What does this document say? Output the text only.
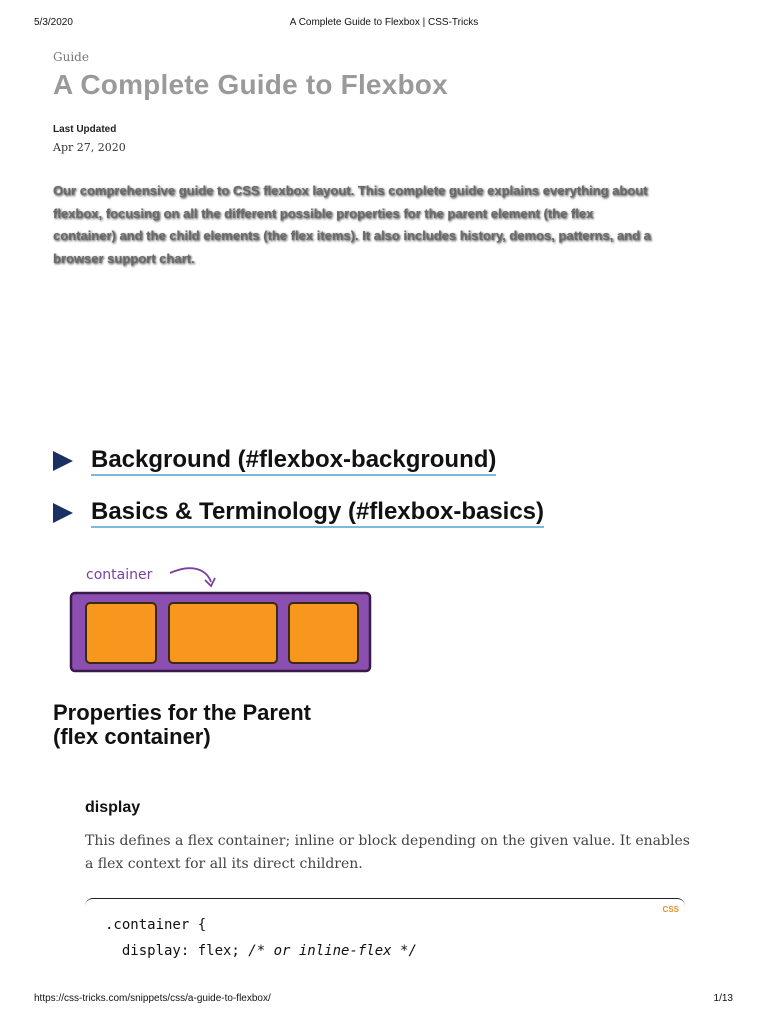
5/3/2020	A Complete Guide to Flexbox | CSS-Tricks
Guide
A Complete Guide to Flexbox
Last Updated
Apr 27, 2020

Our comprehensive guide to CSS flexbox layout. This complete guide explains everything about flexbox, focusing on all the different possible properties for the parent element (the flex container) and the child elements (the flex items). It also includes history, demos, patterns, and a browser support chart.

Background (#flexbox-background)
Basics & Terminology (#flexbox-basics)
container
Properties for the Parent
(flex container)
display

This defines a flex container; inline or block depending on the given value. It enables a flex context for all its direct children.

CSS
.container {
display: flex; /* or inline-flex */
https://css-tricks.com/snippets/css/a-guide-to-flexbox/	1/13
